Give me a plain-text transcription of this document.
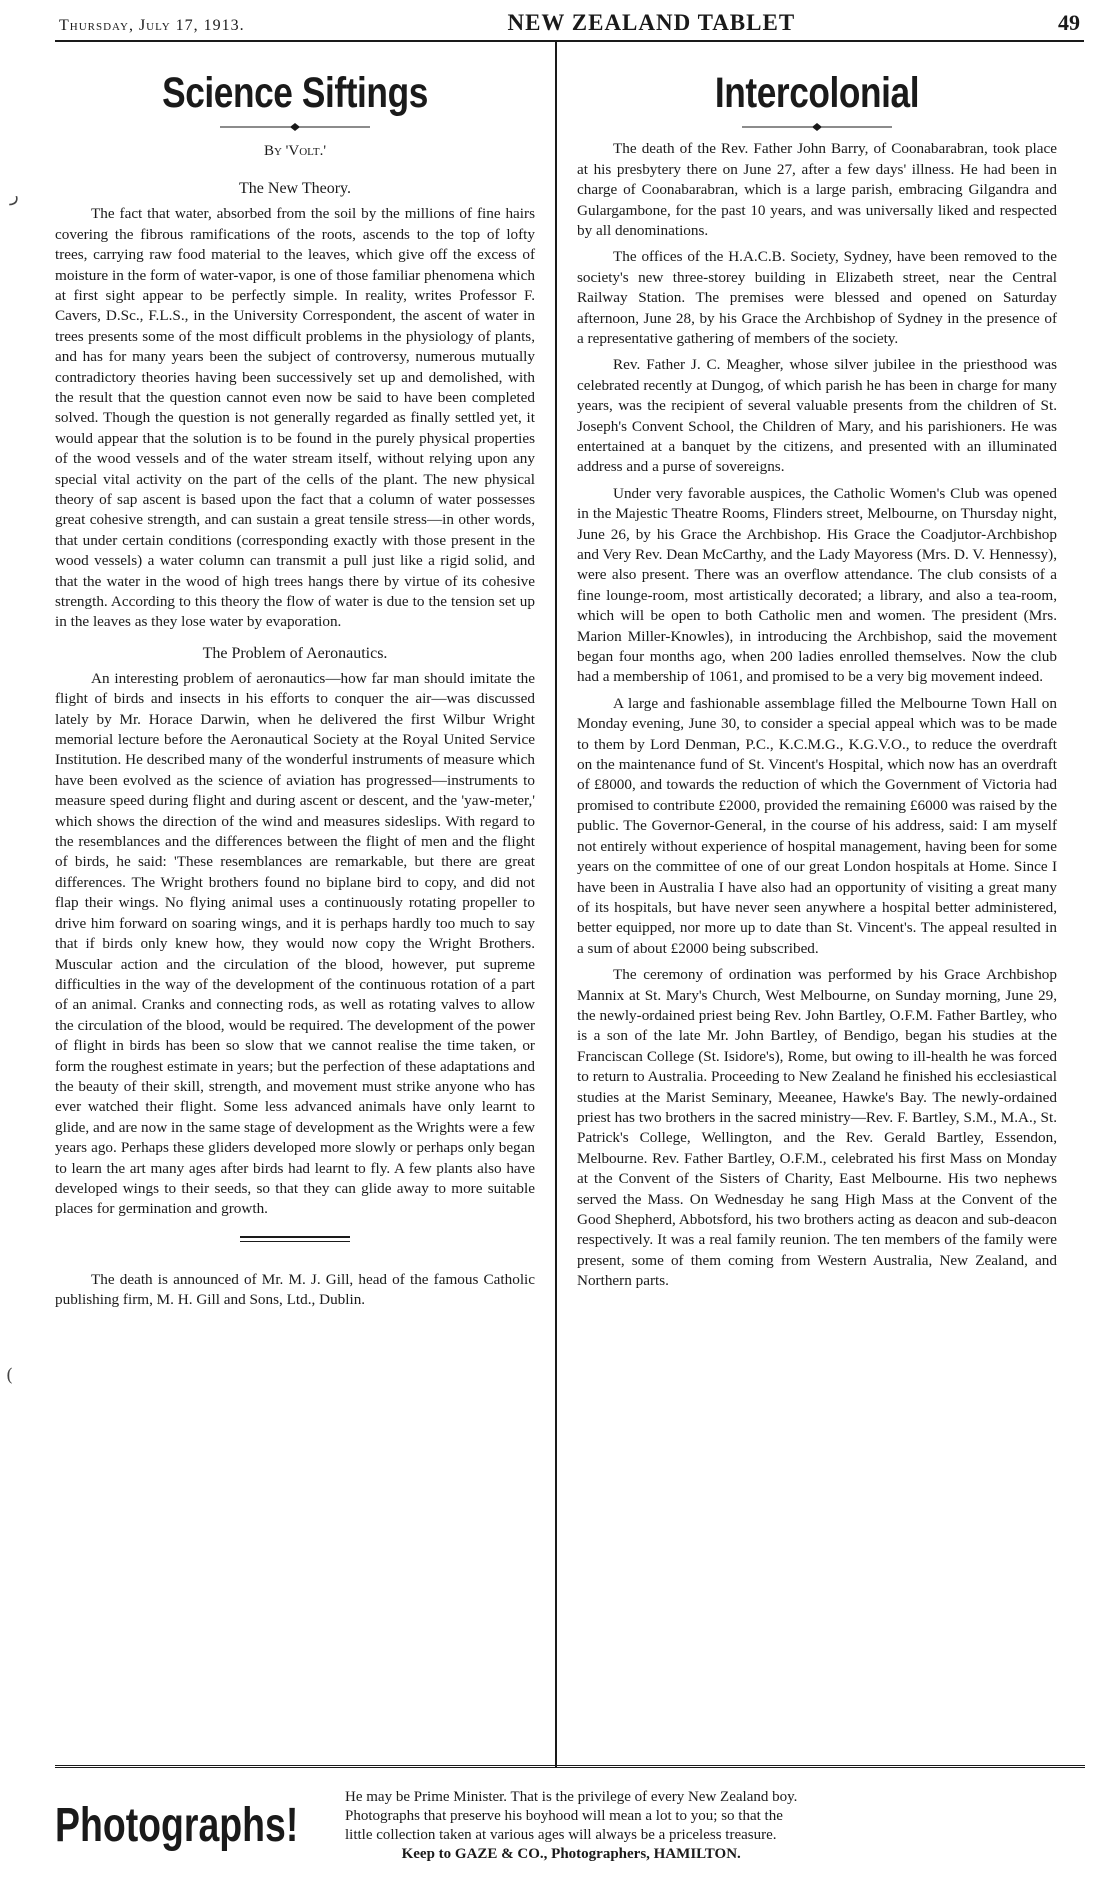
Thursday, July 17, 1913.	NEW ZEALAND TABLET	49
Science Siftings
By 'Volt.'
The New Theory.

The fact that water, absorbed from the soil by the millions of fine hairs covering the fibrous ramifications of the roots, ascends to the top of lofty trees, carrying raw food material to the leaves, which give off the excess of moisture in the form of water-vapor, is one of those familiar phenomena which at first sight appear to be perfectly simple. In reality, writes Professor F. Cavers, D.Sc., F.L.S., in the University Correspondent, the ascent of water in trees presents some of the most difficult problems in the physiology of plants, and has for many years been the subject of controversy, numerous mutually contradictory theories having been successively set up and demolished, with the result that the question cannot even now be said to have been completed solved. Though the question is not generally regarded as finally settled yet, it would appear that the solution is to be found in the purely physical properties of the wood vessels and of the water stream itself, without relying upon any special vital activity on the part of the cells of the plant. The new physical theory of sap ascent is based upon the fact that a column of water possesses great cohesive strength, and can sustain a great tensile stress—in other words, that under certain conditions (corresponding exactly with those present in the wood vessels) a water column can transmit a pull just like a rigid solid, and that the water in the wood of high trees hangs there by virtue of its cohesive strength. According to this theory the flow of water is due to the tension set up in the leaves as they lose water by evaporation.

The Problem of Aeronautics.

An interesting problem of aeronautics—how far man should imitate the flight of birds and insects in his efforts to conquer the air—was discussed lately by Mr. Horace Darwin, when he delivered the first Wilbur Wright memorial lecture before the Aeronautical Society at the Royal United Service Institution. He described many of the wonderful instruments of measure which have been evolved as the science of aviation has progressed—instruments to measure speed during flight and during ascent or descent, and the 'yaw-meter,' which shows the direction of the wind and measures sideslips. With regard to the resemblances and the differences between the flight of men and the flight of birds, he said: 'These resemblances are remarkable, but there are great differences. The Wright brothers found no biplane bird to copy, and did not flap their wings. No flying animal uses a continuously rotating propeller to drive him forward on soaring wings, and it is perhaps hardly too much to say that if birds only knew how, they would now copy the Wright Brothers. Muscular action and the circulation of the blood, however, put supreme difficulties in the way of the development of the continuous rotation of a part of an animal. Cranks and connecting rods, as well as rotating valves to allow the circulation of the blood, would be required. The development of the power of flight in birds has been so slow that we cannot realise the time taken, or form the roughest estimate in years; but the perfection of these adaptations and the beauty of their skill, strength, and movement must strike anyone who has ever watched their flight. Some less advanced animals have only learnt to glide, and are now in the same stage of development as the Wrights were a few years ago. Perhaps these gliders developed more slowly or perhaps only began to learn the art many ages after birds had learnt to fly. A few plants also have developed wings to their seeds, so that they can glide away to more suitable places for germination and growth.

The death is announced of Mr. M. J. Gill, head of the famous Catholic publishing firm, M. H. Gill and Sons, Ltd., Dublin.

Intercolonial

The death of the Rev. Father John Barry, of Coonabarabran, took place at his presbytery there on June 27, after a few days' illness. He had been in charge of Coonabarabran, which is a large parish, embracing Gilgandra and Gulargambone, for the past 10 years, and was universally liked and respected by all denominations.

The offices of the H.A.C.B. Society, Sydney, have been removed to the society's new three-storey building in Elizabeth street, near the Central Railway Station. The premises were blessed and opened on Saturday afternoon, June 28, by his Grace the Archbishop of Sydney in the presence of a representative gathering of members of the society.

Rev. Father J. C. Meagher, whose silver jubilee in the priesthood was celebrated recently at Dungog, of which parish he has been in charge for many years, was the recipient of several valuable presents from the children of St. Joseph's Convent School, the Children of Mary, and his parishioners. He was entertained at a banquet by the citizens, and presented with an illuminated address and a purse of sovereigns.

Under very favorable auspices, the Catholic Women's Club was opened in the Majestic Theatre Rooms, Flinders street, Melbourne, on Thursday night, June 26, by his Grace the Archbishop. His Grace the Coadjutor-Archbishop and Very Rev. Dean McCarthy, and the Lady Mayoress (Mrs. D. V. Hennessy), were also present. There was an overflow attendance. The club consists of a fine lounge-room, most artistically decorated; a library, and also a tea-room, which will be open to both Catholic men and women. The president (Mrs. Marion Miller-Knowles), in introducing the Archbishop, said the movement began four months ago, when 200 ladies enrolled themselves. Now the club had a membership of 1061, and promised to be a very big movement indeed.

A large and fashionable assemblage filled the Melbourne Town Hall on Monday evening, June 30, to consider a special appeal which was to be made to them by Lord Denman, P.C., K.C.M.G., K.G.V.O., to reduce the overdraft on the maintenance fund of St. Vincent's Hospital, which now has an overdraft of £8000, and towards the reduction of which the Government of Victoria had promised to contribute £2000, provided the remaining £6000 was raised by the public. The Governor-General, in the course of his address, said: I am myself not entirely without experience of hospital management, having been for some years on the committee of one of our great London hospitals at Home. Since I have been in Australia I have also had an opportunity of visiting a great many of its hospitals, but have never seen anywhere a hospital better administered, better equipped, nor more up to date than St. Vincent's. The appeal resulted in a sum of about £2000 being subscribed.

The ceremony of ordination was performed by his Grace Archbishop Mannix at St. Mary's Church, West Melbourne, on Sunday morning, June 29, the newly-ordained priest being Rev. John Bartley, O.F.M. Father Bartley, who is a son of the late Mr. John Bartley, of Bendigo, began his studies at the Franciscan College (St. Isidore's), Rome, but owing to ill-health he was forced to return to Australia. Proceeding to New Zealand he finished his ecclesiastical studies at the Marist Seminary, Meeanee, Hawke's Bay. The newly-ordained priest has two brothers in the sacred ministry—Rev. F. Bartley, S.M., M.A., St. Patrick's College, Wellington, and the Rev. Gerald Bartley, Essendon, Melbourne. Rev. Father Bartley, O.F.M., celebrated his first Mass on Monday at the Convent of the Sisters of Charity, East Melbourne. His two nephews served the Mass. On Wednesday he sang High Mass at the Convent of the Good Shepherd, Abbotsford, his two brothers acting as deacon and sub-deacon respectively. It was a real family reunion. The ten members of the family were present, some of them coming from Western Australia, New Zealand, and Northern parts.

ر
(
Photographs!
He may be Prime Minister. That is the privilege of every New Zealand boy.
Photographs that preserve his boyhood will mean a lot to you; so that the
little collection taken at various ages will always be a priceless treasure.
Keep to GAZE & CO., Photographers, HAMILTON.
